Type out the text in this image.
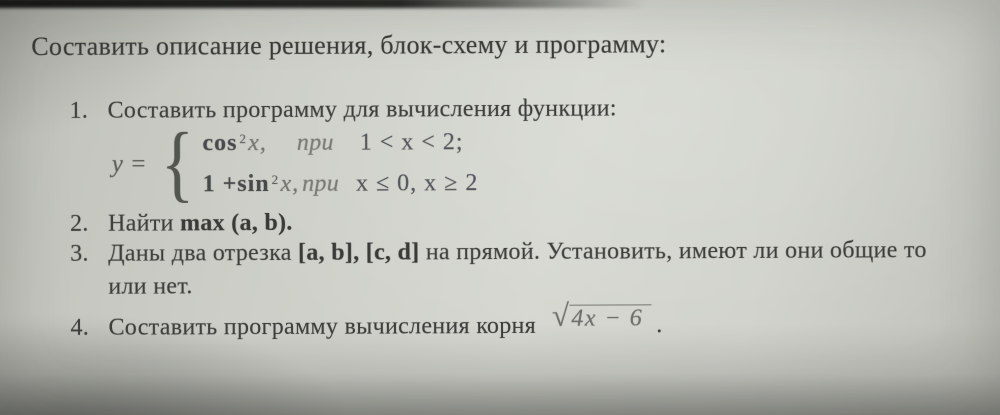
Составить описание решения, блок-схему и программу:
1. Составить программу для вычисления функции:
y = { $\cos^2 x$, при 1 < x < 2;
$1 + \sin^2 x$, при x ≤ 0, x ≥ 2
2. Найти max (a, b).
3. Даны два отрезка [a, b], [c, d] на прямой. Установить, имеют ли они общие то
или нет.
4. Составить программу вычисления корня √4x − 6 .
